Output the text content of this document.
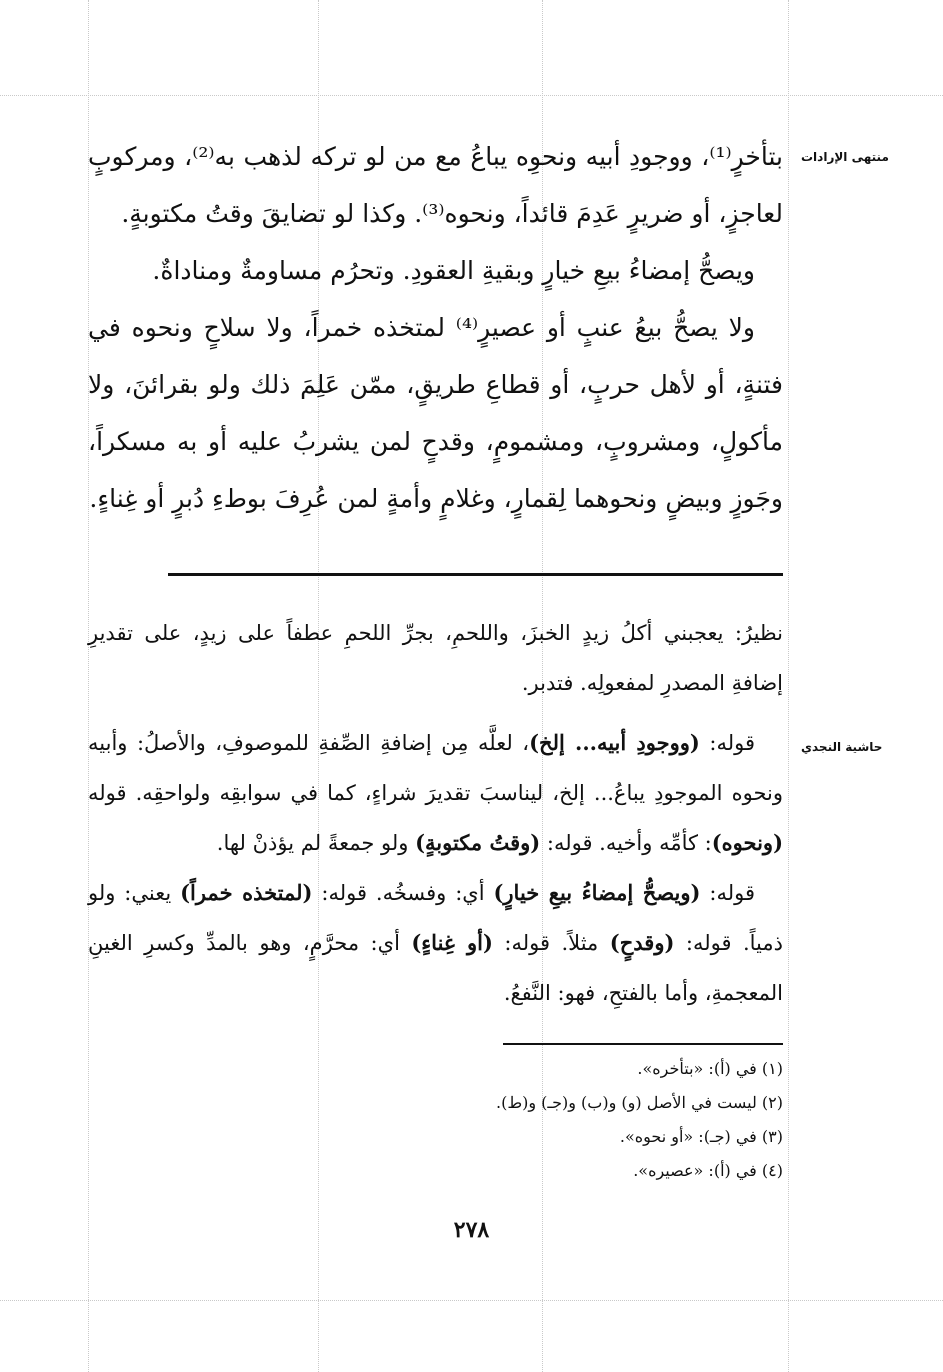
منتهى الإرادات
حاشية النجدي

بتأخرٍ⁽¹⁾، ووجودِ أبيه ونحوِه يباعُ مع من لو تركه لذهب به⁽²⁾، ومركوبٍ لعاجزٍ، أو ضريرٍ عَدِمَ قائداً، ونحوه⁽³⁾. وكذا لو تضايقَ وقتُ مكتوبةٍ.

ويصحُّ إمضاءُ بيعِ خيارٍ وبقيةِ العقودِ. وتحرُم مساومةٌ ومناداةٌ.

ولا يصحُّ بيعُ عنبٍ أو عصيرٍ⁽⁴⁾ لمتخذه خمراً، ولا سلاحٍ ونحوه في فتنةٍ، أو لأهل حربٍ، أو قطاعِ طريقٍ، ممّن عَلِمَ ذلك ولو بقرائنَ، ولا مأكولٍ، ومشروبٍ، ومشمومٍ، وقدحٍ لمن يشربُ عليه أو به مسكراً، وجَوزٍ وبيضٍ ونحوهما لِقمارٍ، وغلامٍ وأمةٍ لمن عُرِفَ بوطءِ دُبرٍ أو غِناءٍ.

نظيرُ: يعجبني أكلُ زيدٍ الخبزَ، واللحمِ، بجرِّ اللحمِ عطفاً على زيدٍ، على تقديرِ إضافةِ المصدرِ لمفعولِه. فتدبر.

قوله: (ووجودِ أبيه... إلخ)، لعلَّه مِن إضافةِ الصِّفةِ للموصوفِ، والأصلُ: وأبيه ونحوه الموجودِ يباعُ... إلخ، ليناسبَ تقديرَ شراءٍ، كما في سوابقِه ولواحقِه. قوله (ونحوه): كأمِّه وأخيه. قوله: (وقتُ مكتوبةٍ) ولو جمعةً لم يؤذنْ لها.

قوله: (ويصحُّ إمضاءُ بيعِ خيارٍ) أي: وفسخُه. قوله: (لمتخذه خمراً) يعني: ولو ذمياً. قوله: (وقدحٍ) مثلاً. قوله: (أو غِناءٍ) أي: محرَّمٍ، وهو بالمدِّ وكسرِ الغينِ المعجمةِ، وأما بالفتحِ، فهو: النَّفعُ.

(١) في (أ): «بتأخره».

(٢) ليست في الأصل (و) و(ب) و(جـ) و(ط).

(٣) في (جـ): «أو نحوه».

(٤) في (أ): «عصيره».

٢٧٨
